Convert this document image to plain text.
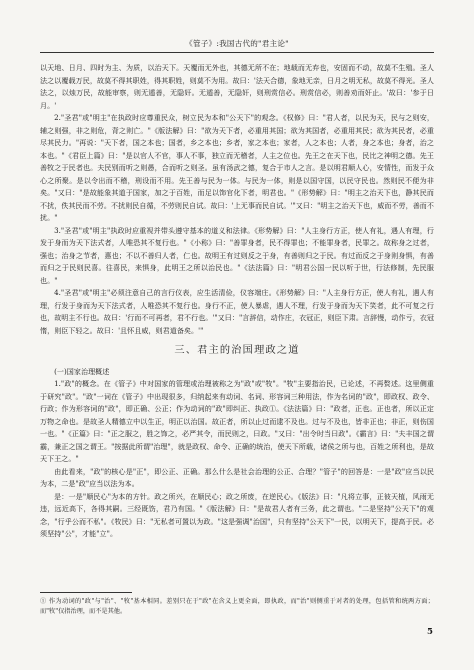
《管子》:我国古代的"君主论"

以天地、日月、四时为主、为质，以治天下。天覆而无外也，其德无所不在；地载而无弃也，安固而不动，故莫不生殖。圣人法之以覆载万民，故莫不得其职姓，得其职姓，则莫不为用。故曰：'法天合德，象地无亲，日月之明无私，故莫不得光。圣人法之，以烛万民，故能审察，则无遁善，无隐奸。无遁善，无隐奸，则刑赏信必。刑赏信必，则善劝而奸止。'故曰：'参于日月。'

2."圣君"或"明主"在执政时应尊重民众，树立民为本和"公天下"的观念。《权修》曰："君人者，以民为天，民与之则安，辅之则强，非之则危，背之则亡。"《版法解》曰："欲为天下者，必重用其国；欲为其国者，必重用其民；欲为其民者，必重尽其民力。"再说："天下者，国之本也；国者，乡之本也；乡者，家之本也；家者，人之本也；人者，身之本也；身者，治之本也。"《君臣上篇》曰："是以官人不官，事人不事，独立而无稽者，人主之位也。先王之在天下也，民比之神明之德。先王善牧之于民者也。夫民别而听之则愚，合而听之则圣。虽有汤武之德，复合于市人之言。是以明君顺人心，安情性，而发于众心之所聚。是以令出而不稽，刑设而不用。先王善与民为一体。与民为一体，则是以国守国，以民守民也。然则民不便为非矣。"又曰："是故能象其道于国家，加之于百姓，而足以饰官化下者，明君也。"《形势解》曰："明主之治天下也，静其民而不扰，佚其民而不劳。不扰则民自循，不劳则民自试。故曰：'上无事而民自试。'"又曰："明主之治天下也，威而不劳，善而不扰。"

3."圣君"或"明主"执政时应重视并带头遵守基本的道义和法律。《形势解》曰："人主身行方正，使人有礼，遇人有理，行发于身而为天下法式者，人唯恐其不复行也。"《小称》曰："善罪身者，民不得罪也；不能罪身者，民罪之。故称身之过者，强也；治身之节者，惠也；不以不善归人者，仁也。故明王有过则反之于身，有善则归之于民。有过而反之于身则身惧，有善而归之于民则民喜。往喜民，来惧身，此明王之所以治民也。"《法法篇》曰："明君公国一民以听于世，行法修制，先民服也。"

4."圣君"或"明主"必须注意自己的言行仪表，应生活清俭，仪容端庄。《形势解》曰："人主身行方正，使人有礼，遇人有理，行发于身而为天下法式者，人唯恐其不复行也。身行不正，使人暴虐，遇人不理，行发于身而为天下笑者，此不可复之行也，故明主不行也。故曰：'行而不可再者，君不行也。'"又曰："言辞信，动作庄，衣冠正，则臣下肃。言辞慢，动作亏，衣冠惰，则臣下轻之。故曰：'且怀且威，则君道备矣。'"

三、君主的治国理政之道

(一)国家治理概述

1."政"的概念。在《管子》中对国家的管理或治理被称之为"政"或"牧"。"牧"主要指治民，已论述，不再赘述。这里侧重于研究"政"。"政"一词在《管子》中出现很多，归纳起来有动词、名词、形容词三种用法，作为名词的"政"，即政权、政令、行政；作为形容词的"政"，即正确、公正；作为动词的"政"即纠正、执政①。《法法篇》曰："政者，正也。正也者，所以正定万物之命也。是故圣人精德立中以生正，明正以治国。故正者，所以止过而逮不及也。过与不及也，皆非正也；非正，则伤国一也。"《正篇》曰："正之服之，胜之饰之，必严其令，而民则之，曰政。"又曰："出令时当曰政"。《霸言》曰："夫丰国之谓霸，兼正之国之谓王。"按据此所谓"治理"，就是政权、命令、正确的统治，使天下所载，诸侯之所与也，百姓之所利也，是故天下王之。"

由此看来，"政"的核心是"正"，即公正、正确。那么什么是社会治理的公正、合理？"管子"的回答是：一是"政"应当以民为本，二是"政"应当以法为本。

是：一是"顺民心"为本的方针。政之所兴，在顺民心；政之所废，在逆民心。《版法》曰："凡将立事，正彼天植，风雨无违，远近高下，各得其嗣。三经既饬，君乃有国。"《版法解》曰："是故君人者有三务，此之谓也。"二是坚持"公天下"的观念，"行乎公而不私"。《牧民》曰："无私者可置以为政。"这是强调"治国"，只有坚持"公天下"一民，以明天下，提高于民。必须坚持"公"，才能"立"。

① 作为动词的"政"与"治"、"牧"基本相同。差别只在于"政"在含义上更全面，即执政，而"治"则侧重于对者的处理，包括管和统两方面；而"牧"仅指治理，而不是其他。
5
